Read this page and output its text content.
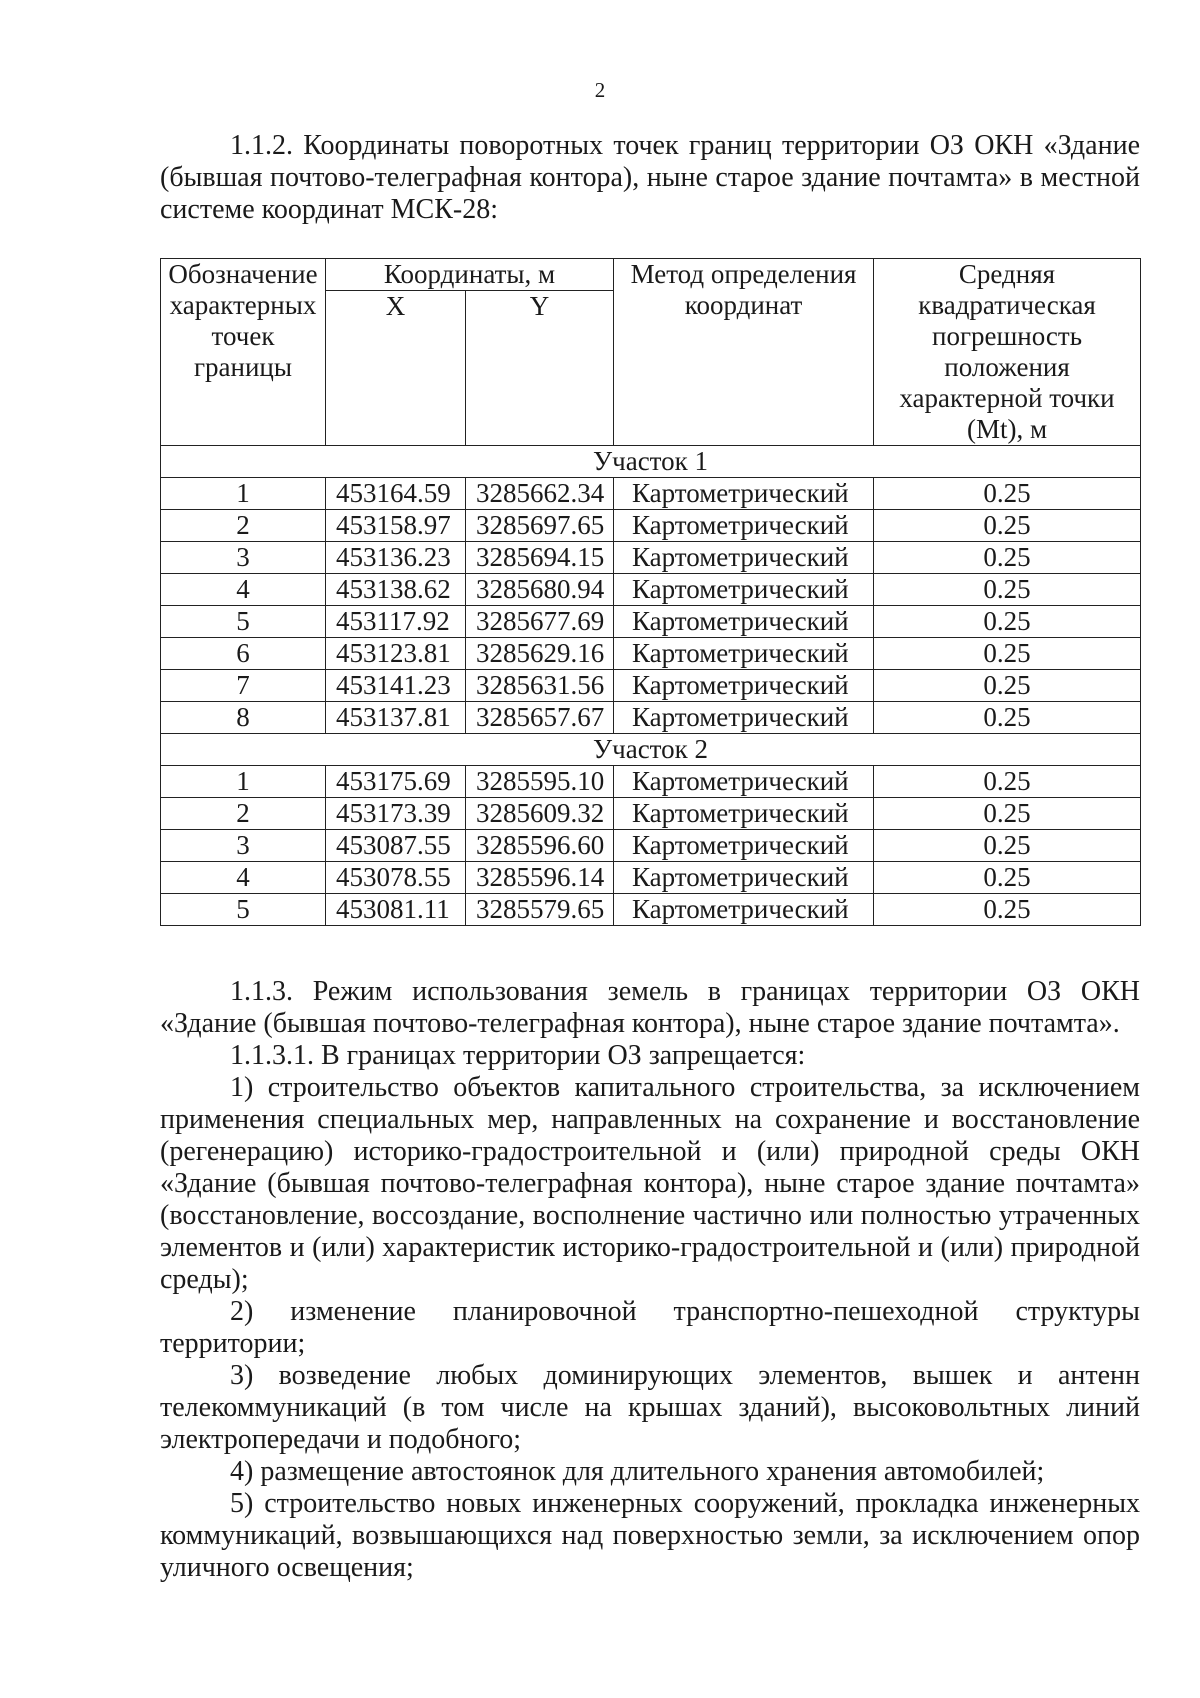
2

1.1.2. Координаты поворотных точек границ территории ОЗ ОКН «Здание (бывшая почтово-телеграфная контора), ныне старое здание почтамта» в местной системе координат МСК-28:

Обозначение характерных точек границы	Координаты, м		Метод определения координат	Средняя квадратическая погрешность положения характерной точки (Mt), м
	X	Y		
Участок 1				
1	453164.59	3285662.34	Картометрический	0.25
2	453158.97	3285697.65	Картометрический	0.25
3	453136.23	3285694.15	Картометрический	0.25
4	453138.62	3285680.94	Картометрический	0.25
5	453117.92	3285677.69	Картометрический	0.25
6	453123.81	3285629.16	Картометрический	0.25
7	453141.23	3285631.56	Картометрический	0.25
8	453137.81	3285657.67	Картометрический	0.25
Участок 2				
1	453175.69	3285595.10	Картометрический	0.25
2	453173.39	3285609.32	Картометрический	0.25
3	453087.55	3285596.60	Картометрический	0.25
4	453078.55	3285596.14	Картометрический	0.25
5	453081.11	3285579.65	Картометрический	0.25

1.1.3. Режим использования земель в границах территории ОЗ ОКН «Здание (бывшая почтово-телеграфная контора), ныне старое здание почтамта».

1.1.3.1. В границах территории ОЗ запрещается:

1) строительство объектов капитального строительства, за исключением применения специальных мер, направленных на сохранение и восстановление (регенерацию) историко-градостроительной и (или) природной среды ОКН «Здание (бывшая почтово-телеграфная контора), ныне старое здание почтамта» (восстановление, воссоздание, восполнение частично или полностью утраченных элементов и (или) характеристик историко-градостроительной и (или) природной среды);

2) изменение планировочной транспортно-пешеходной структуры территории;

3) возведение любых доминирующих элементов, вышек и антенн телекоммуникаций (в том числе на крышах зданий), высоковольтных линий электропередачи и подобного;

4) размещение автостоянок для длительного хранения автомобилей;

5) строительство новых инженерных сооружений, прокладка инженерных коммуникаций, возвышающихся над поверхностью земли, за исключением опор уличного освещения;
